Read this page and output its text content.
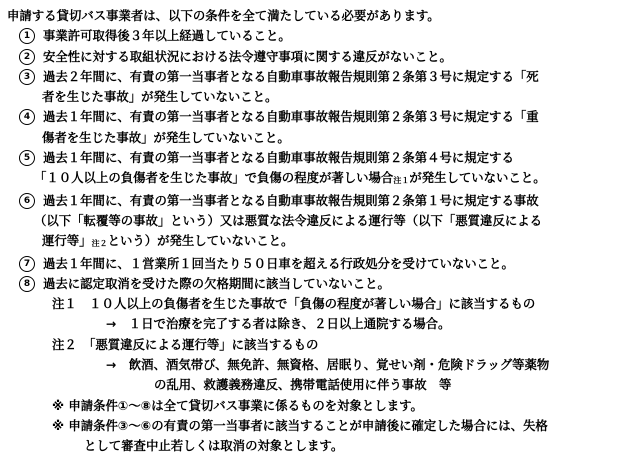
申請する貸切バス事業者は、以下の条件を全て満たしている必要があります。
1	事業許可取得後３年以上経過していること。
2	安全性に対する取組状況における法令遵守事項に関する違反がないこと。
3	過去２年間に、有責の第一当事者となる自動車事故報告規則第２条第３号に規定する「死
者を生じた事故」が発生していないこと。
4	過去１年間に、有責の第一当事者となる自動車事故報告規則第２条第３号に規定する「重
傷者を生じた事故」が発生していないこと。
5	過去１年間に、有責の第一当事者となる自動車事故報告規則第２条第４号に規定する
「１０人以上の負傷者を生じた事故」で負傷の程度が著しい場合$_{注1}$が発生していないこと。
6	過去１年間に、有責の第一当事者となる自動車事故報告規則第２条第１号に規定する事故
（以下「転覆等の事故」という）又は悪質な法令違反による運行等（以下「悪質違反による
運行等」$_{注2}$という）が発生していないこと。
7	過去１年間に、１営業所１回当たり５０日車を超える行政処分を受けていないこと。
8	過去に認定取消を受けた際の欠格期間に該当していないこと。
注１　１０人以上の負傷者を生じた事故で「負傷の程度が著しい場合」に該当するもの
→　１日で治療を完了する者は除き、２日以上通院する場合。
注２　「悪質違反による運行等」に該当するもの
→　飲酒、酒気帯び、無免許、無資格、居眠り、覚せい剤・危険ドラッグ等薬物
の乱用、救護義務違反、携帯電話使用に伴う事故　等
※ 申請条件①～⑧は全て貸切バス事業に係るものを対象とします。
※ 申請条件③～⑥の有責の第一当事者に該当することが申請後に確定した場合には、失格
として審査中止若しくは取消の対象とします。
